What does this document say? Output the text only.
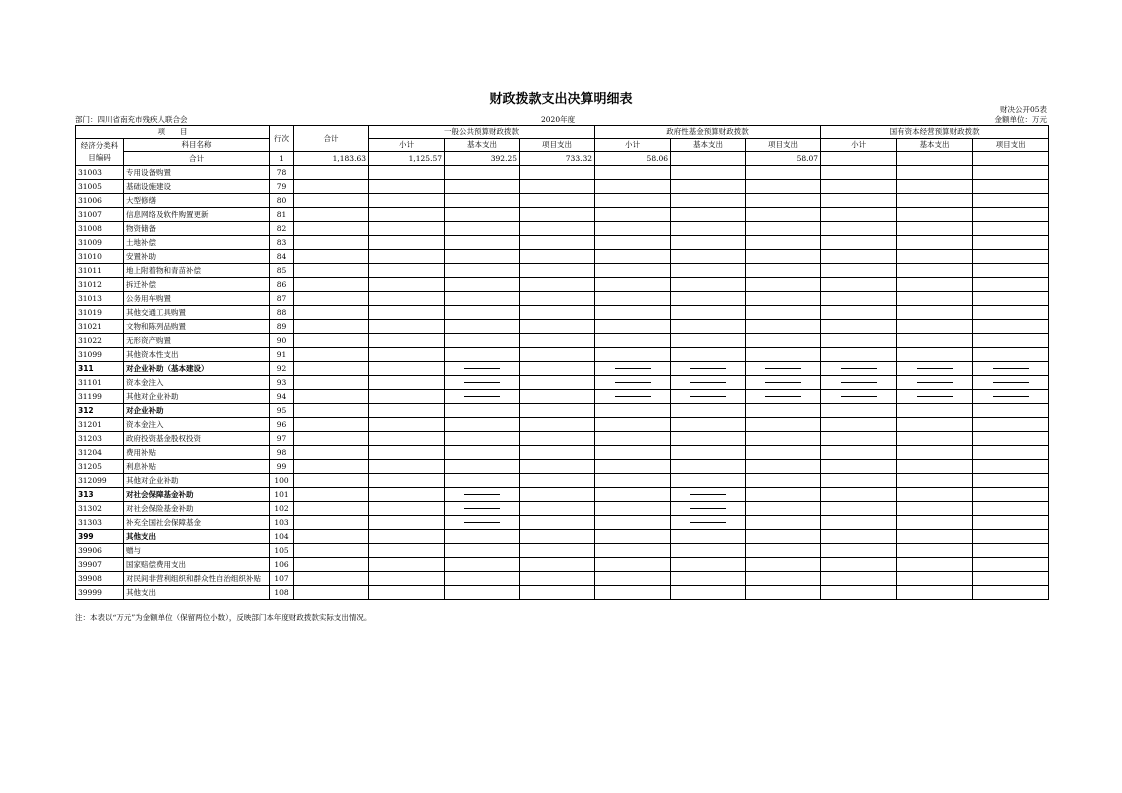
财政拨款支出决算明细表
财决公开05表
金额单位：万元
部门：四川省南充市残疾人联合会	2020年度
项　　目		行次	合计	一般公共预算财政拨款			政府性基金预算财政拨款			国有资本经营预算财政拨款		
经济分类科目编码	科目名称			小计	基本支出	项目支出	小计	基本支出	项目支出	小计	基本支出	项目支出
	合计	1	1,183.63	1,125.57	392.25	733.32	58.06		58.07			
31003	专用设备购置	78										
31005	基础设施建设	79										
31006	大型修缮	80										
31007	信息网络及软件购置更新	81										
31008	物资储备	82										
31009	土地补偿	83										
31010	安置补助	84										
31011	地上附着物和青苗补偿	85										
31012	拆迁补偿	86										
31013	公务用车购置	87										
31019	其他交通工具购置	88										
31021	文物和陈列品购置	89										
31022	无形资产购置	90										
31099	其他资本性支出	91										
311	对企业补助（基本建设）	92			

31101	资本金注入	93			

31199	其他对企业补助	94			

312	对企业补助	95										
31201	资本金注入	96										
31203	政府投资基金股权投资	97										
31204	费用补贴	98										
31205	利息补贴	99										
312099	其他对企业补助	100										
313	对社会保障基金补助	101			

31302	对社会保险基金补助	102			

31303	补充全国社会保障基金	103			

399	其他支出	104										
39906	赠与	105										
39907	国家赔偿费用支出	106										
39908	对民间非营利组织和群众性自治组织补贴	107										
39999	其他支出	108										
注：本表以“万元”为金额单位（保留两位小数），反映部门本年度财政拨款实际支出情况。
